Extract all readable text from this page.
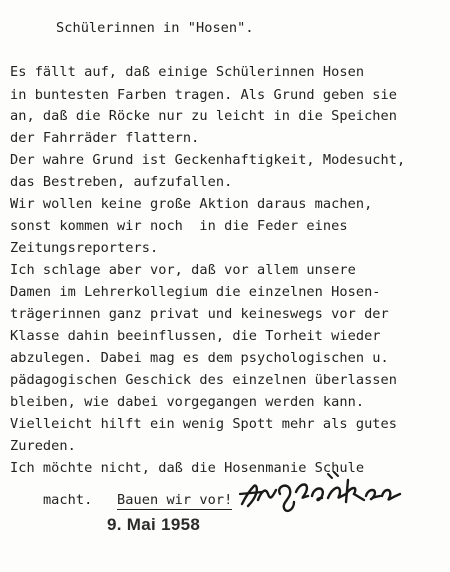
Schülerinnen in "Hosen".
Es fällt auf, daß einige Schülerinnen Hosen
in buntesten Farben tragen. Als Grund geben sie
an, daß die Röcke nur zu leicht in die Speichen
der Fahrräder flattern.
Der wahre Grund ist Geckenhaftigkeit, Modesucht,
das Bestreben, aufzufallen.
Wir wollen keine große Aktion daraus machen,
sonst kommen wir noch  in die Feder eines
Zeitungsreporters.
Ich schlage aber vor, daß vor allem unsere
Damen im Lehrerkollegium die einzelnen Hosen-
trägerinnen ganz privat und keineswegs vor der
Klasse dahin beeinflussen, die Torheit wieder
abzulegen. Dabei mag es dem psychologischen u.
pädagogischen Geschick des einzelnen überlassen
bleiben, wie dabei vorgegangen werden kann.
Vielleicht hilft ein wenig Spott mehr als gutes
Zureden.
Ich möchte nicht, daß die Hosenmanie Schule

macht. Bauen wir vor!

9. Mai 1958
